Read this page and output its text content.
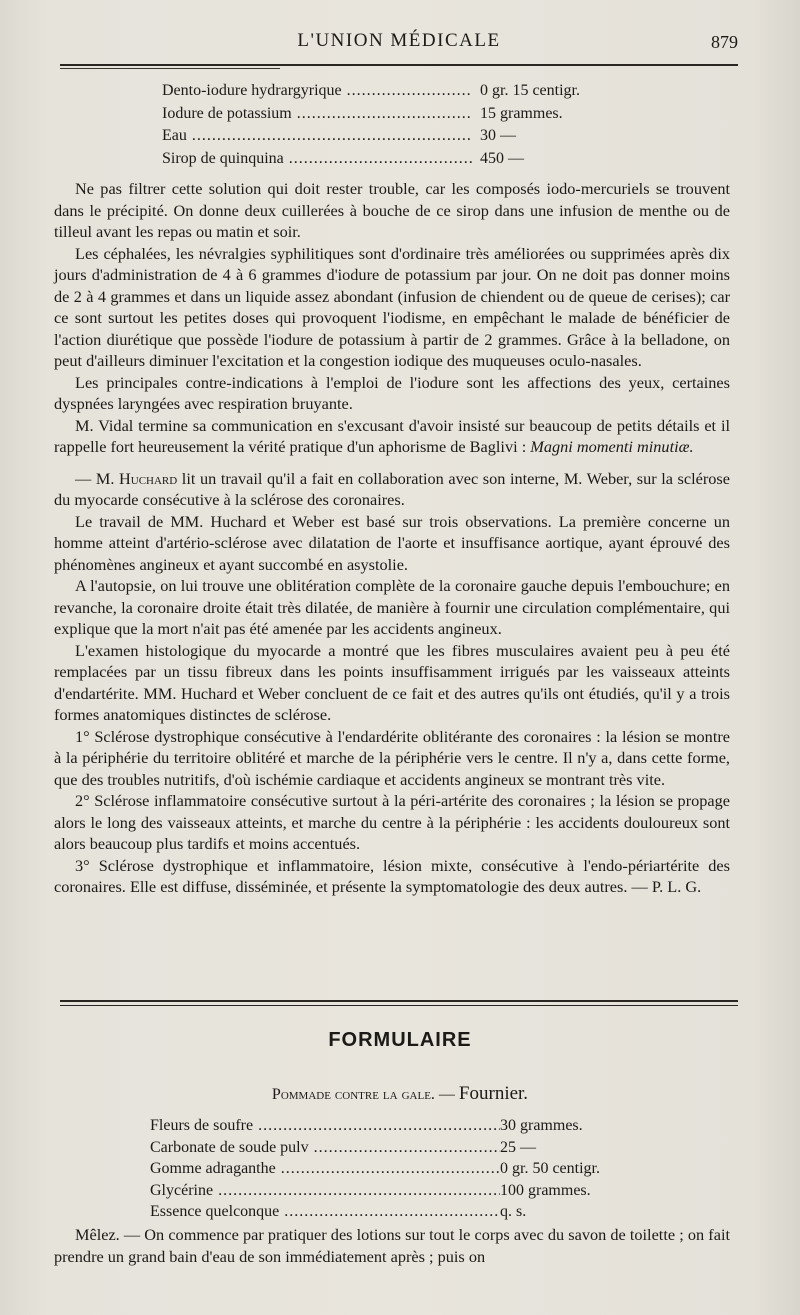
L'UNION MÉDICALE	879
Dento-iodure hydrargyrique .....	0 gr. 15 centigr.
Iodure de potassium .....	15 grammes.
Eau .....	30 —
Sirop de quinquina .....	450 —

Ne pas filtrer cette solution qui doit rester trouble, car les composés iodo-mercuriels se trouvent dans le précipité. On donne deux cuillerées à bouche de ce sirop dans une infusion de menthe ou de tilleul avant les repas ou matin et soir.

Les céphalées, les névralgies syphilitiques sont d'ordinaire très améliorées ou supprimées après dix jours d'administration de 4 à 6 grammes d'iodure de potassium par jour. On ne doit pas donner moins de 2 à 4 grammes et dans un liquide assez abondant (infusion de chiendent ou de queue de cerises); car ce sont surtout les petites doses qui provoquent l'iodisme, en empêchant le malade de bénéficier de l'action diurétique que possède l'iodure de potassium à partir de 2 grammes. Grâce à la belladone, on peut d'ailleurs diminuer l'excitation et la congestion iodique des muqueuses oculo-nasales.

Les principales contre-indications à l'emploi de l'iodure sont les affections des yeux, certaines dyspnées laryngées avec respiration bruyante.

M. Vidal termine sa communication en s'excusant d'avoir insisté sur beaucoup de petits détails et il rappelle fort heureusement la vérité pratique d'un aphorisme de Baglivi : Magni momenti minutiæ.

— M. Huchard lit un travail qu'il a fait en collaboration avec son interne, M. Weber, sur la sclérose du myocarde consécutive à la sclérose des coronaires.

Le travail de MM. Huchard et Weber est basé sur trois observations. La première concerne un homme atteint d'artério-sclérose avec dilatation de l'aorte et insuffisance aortique, ayant éprouvé des phénomènes angineux et ayant succombé en asystolie.

A l'autopsie, on lui trouve une oblitération complète de la coronaire gauche depuis l'embouchure; en revanche, la coronaire droite était très dilatée, de manière à fournir une circulation complémentaire, qui explique que la mort n'ait pas été amenée par les accidents angineux.

L'examen histologique du myocarde a montré que les fibres musculaires avaient peu à peu été remplacées par un tissu fibreux dans les points insuffisamment irrigués par les vaisseaux atteints d'endartérite. MM. Huchard et Weber concluent de ce fait et des autres qu'ils ont étudiés, qu'il y a trois formes anatomiques distinctes de sclérose.

1° Sclérose dystrophique consécutive à l'endardérite oblitérante des coronaires : la lésion se montre à la périphérie du territoire oblitéré et marche de la périphérie vers le centre. Il n'y a, dans cette forme, que des troubles nutritifs, d'où ischémie cardiaque et accidents angineux se montrant très vite.

2° Sclérose inflammatoire consécutive surtout à la péri-artérite des coronaires ; la lésion se propage alors le long des vaisseaux atteints, et marche du centre à la périphérie : les accidents douloureux sont alors beaucoup plus tardifs et moins accentués.

3° Sclérose dystrophique et inflammatoire, lésion mixte, consécutive à l'endo-périartérite des coronaires. Elle est diffuse, disséminée, et présente la symptomatologie des deux autres. — P. L. G.

FORMULAIRE
Pommade contre la gale. — Fournier.
Fleurs de soufre .....	30 grammes.
Carbonate de soude pulv .....	25 —
Gomme adraganthe .....	0 gr. 50 centigr.
Glycérine .....	100 grammes.
Essence quelconque .....	q. s.

Mêlez. — On commence par pratiquer des lotions sur tout le corps avec du savon de toilette ; on fait prendre un grand bain d'eau de son immédiatement après ; puis on
